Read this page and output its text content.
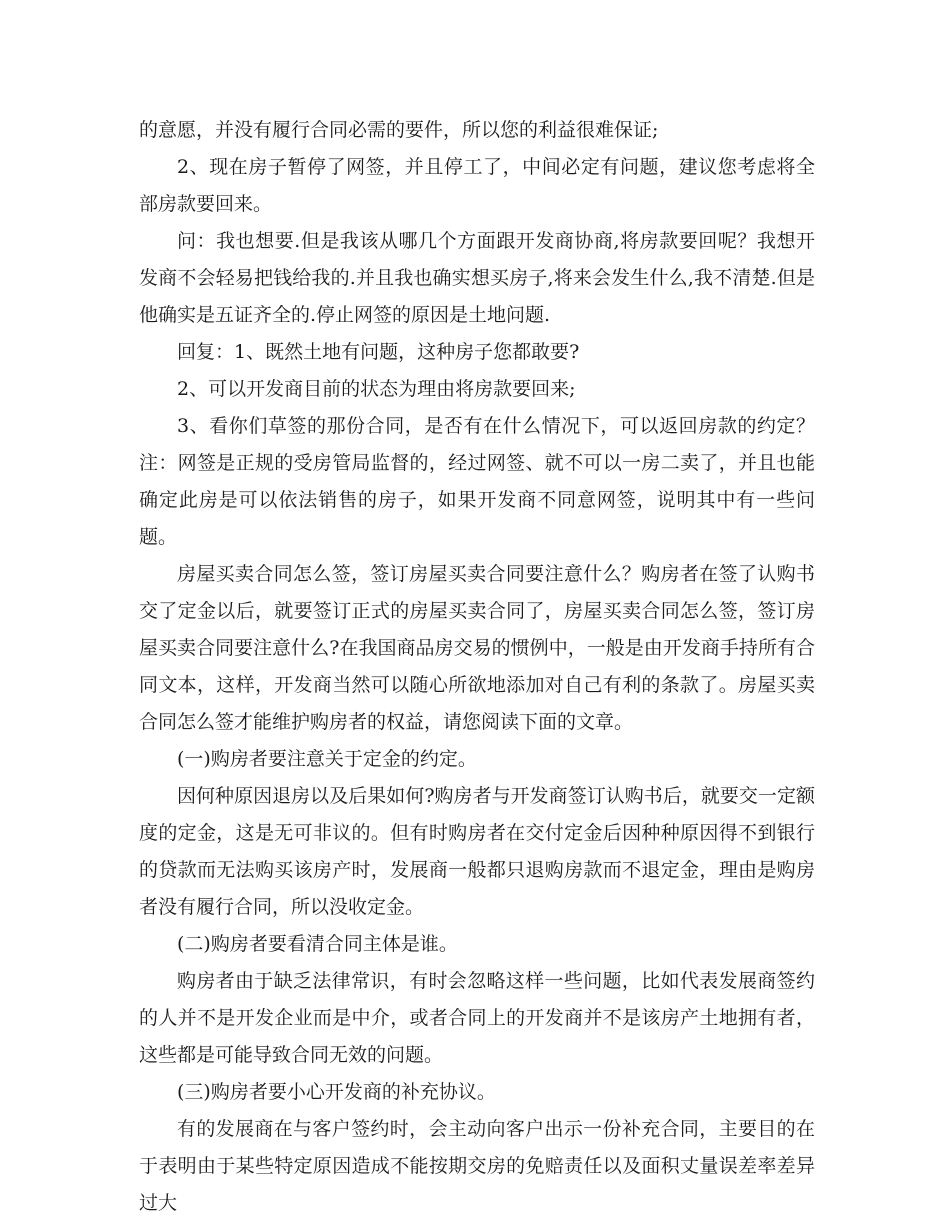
的意愿，并没有履行合同必需的要件，所以您的利益很难保证;

2、现在房子暂停了网签，并且停工了，中间必定有问题，建议您考虑将全部房款要回来。

问：我也想要.但是我该从哪几个方面跟开发商协商,将房款要回呢？我想开发商不会轻易把钱给我的.并且我也确实想买房子,将来会发生什么,我不清楚.但是他确实是五证齐全的.停止网签的原因是土地问题.

回复：1、既然土地有问题，这种房子您都敢要?

2、可以开发商目前的状态为理由将房款要回来;

3、看你们草签的那份合同，是否有在什么情况下，可以返回房款的约定？注：网签是正规的受房管局监督的，经过网签、就不可以一房二卖了，并且也能确定此房是可以依法销售的房子，如果开发商不同意网签，说明其中有一些问题。

房屋买卖合同怎么签，签订房屋买卖合同要注意什么？购房者在签了认购书交了定金以后，就要签订正式的房屋买卖合同了，房屋买卖合同怎么签，签订房屋买卖合同要注意什么?在我国商品房交易的惯例中，一般是由开发商手持所有合同文本，这样，开发商当然可以随心所欲地添加对自己有利的条款了。房屋买卖合同怎么签才能维护购房者的权益，请您阅读下面的文章。

(一)购房者要注意关于定金的约定。

因何种原因退房以及后果如何?购房者与开发商签订认购书后，就要交一定额度的定金，这是无可非议的。但有时购房者在交付定金后因种种原因得不到银行的贷款而无法购买该房产时，发展商一般都只退购房款而不退定金，理由是购房者没有履行合同，所以没收定金。

(二)购房者要看清合同主体是谁。

购房者由于缺乏法律常识，有时会忽略这样一些问题，比如代表发展商签约的人并不是开发企业而是中介，或者合同上的开发商并不是该房产土地拥有者，这些都是可能导致合同无效的问题。

(三)购房者要小心开发商的补充协议。

有的发展商在与客户签约时，会主动向客户出示一份补充合同，主要目的在于表明由于某些特定原因造成不能按期交房的免赔责任以及面积丈量误差率差异过大
